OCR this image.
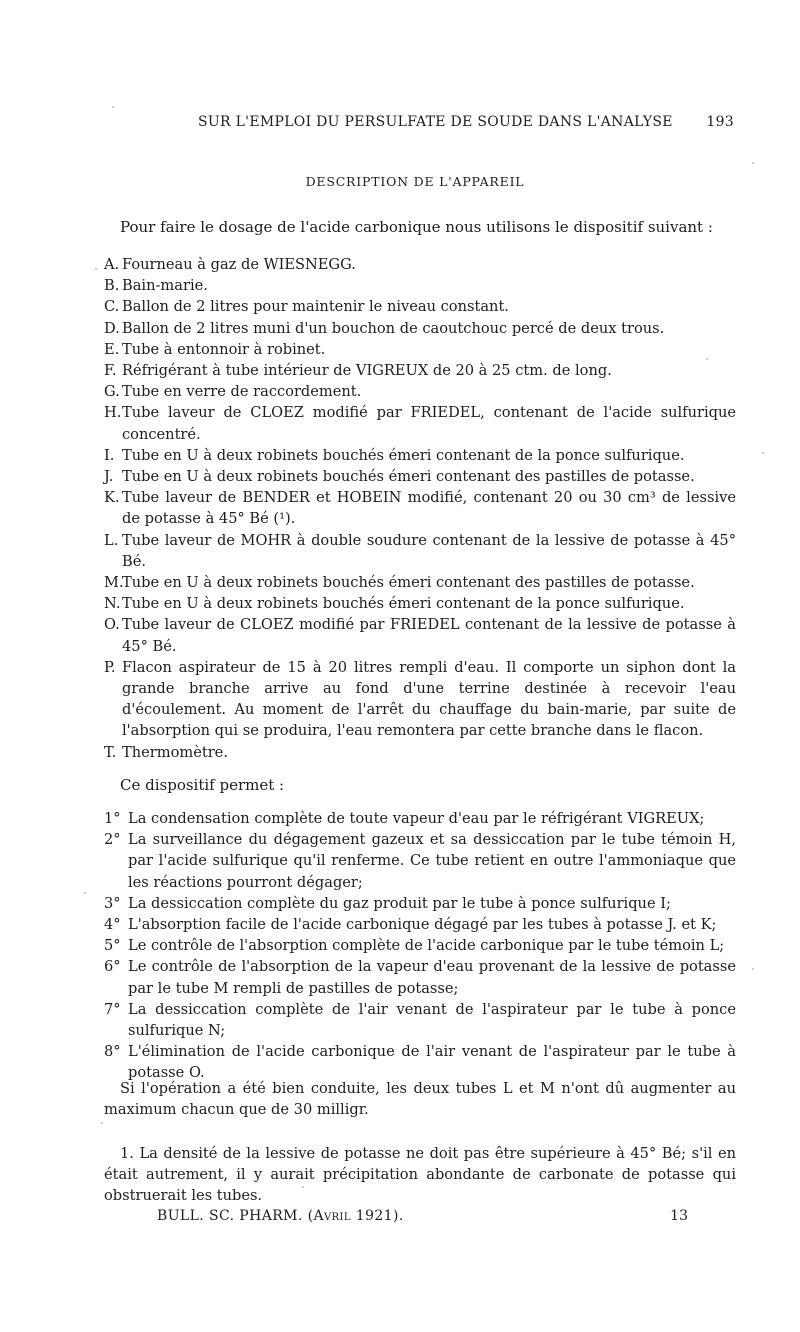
SUR L'EMPLOI DU PERSULFATE DE SOUDE DANS L'ANALYSE 193
DESCRIPTION DE L'APPAREIL
Pour faire le dosage de l'acide carbonique nous utilisons le dispositif suivant :
A. Fourneau à gaz de WIESNEGG.
B. Bain-marie.
C. Ballon de 2 litres pour maintenir le niveau constant.
D. Ballon de 2 litres muni d'un bouchon de caoutchouc percé de deux trous.
E. Tube à entonnoir à robinet.
F. Réfrigérant à tube intérieur de VIGREUX de 20 à 25 ctm. de long.
G. Tube en verre de raccordement.
H. Tube laveur de CLOEZ modifié par FRIEDEL, contenant de l'acide sulfurique concentré.
I. Tube en U à deux robinets bouchés émeri contenant de la ponce sulfurique.
J. Tube en U à deux robinets bouchés émeri contenant des pastilles de potasse.
K. Tube laveur de BENDER et HOBEIN modifié, contenant 20 ou 30 cm³ de lessive de potasse à 45° Bé (¹).
L. Tube laveur de MOHR à double soudure contenant de la lessive de potasse à 45° Bé.
M.
Tube en U à deux robinets bouchés émeri contenant des pastilles de potasse.
N. Tube en U à deux robinets bouchés émeri contenant de la ponce sulfurique.
O. Tube laveur de CLOEZ modifié par FRIEDEL contenant de la lessive de potasse à 45° Bé.
P. Flacon aspirateur de 15 à 20 litres rempli d'eau. Il comporte un siphon dont la grande branche arrive au fond d'une terrine destinée à recevoir l'eau d'écoulement. Au moment de l'arrêt du chauffage du bain-marie, par suite de l'absorption qui se produira, l'eau remontera par cette branche dans le flacon.
T. Thermomètre.
Ce dispositif permet :
1° La condensation complète de toute vapeur d'eau par le réfrigérant VIGREUX;
2° La surveillance du dégagement gazeux et sa dessiccation par le tube témoin H, par l'acide sulfurique qu'il renferme. Ce tube retient en outre l'ammoniaque que les réactions pourront dégager;
3° La dessiccation complète du gaz produit par le tube à ponce sulfurique I;
4° L'absorption facile de l'acide carbonique dégagé par les tubes à potasse J. et K;
5° Le contrôle de l'absorption complète de l'acide carbonique par le tube témoin L;
6° Le contrôle de l'absorption de la vapeur d'eau provenant de la lessive de potasse par le tube M rempli de pastilles de potasse;
7° La dessiccation complète de l'air venant de l'aspirateur par le tube à ponce sulfurique N;
8° L'élimination de l'acide carbonique de l'air venant de l'aspirateur par le tube à potasse O.
Si l'opération a été bien conduite, les deux tubes L et M n'ont dû augmenter au maximum chacun que de 30 milligr.
1. La densité de la lessive de potasse ne doit pas être supérieure à 45° Bé; s'il en était autrement, il y aurait précipitation abondante de carbonate de potasse qui obstruerait les tubes.
BULL. SC. PHARM. (Avril 1921).	13
